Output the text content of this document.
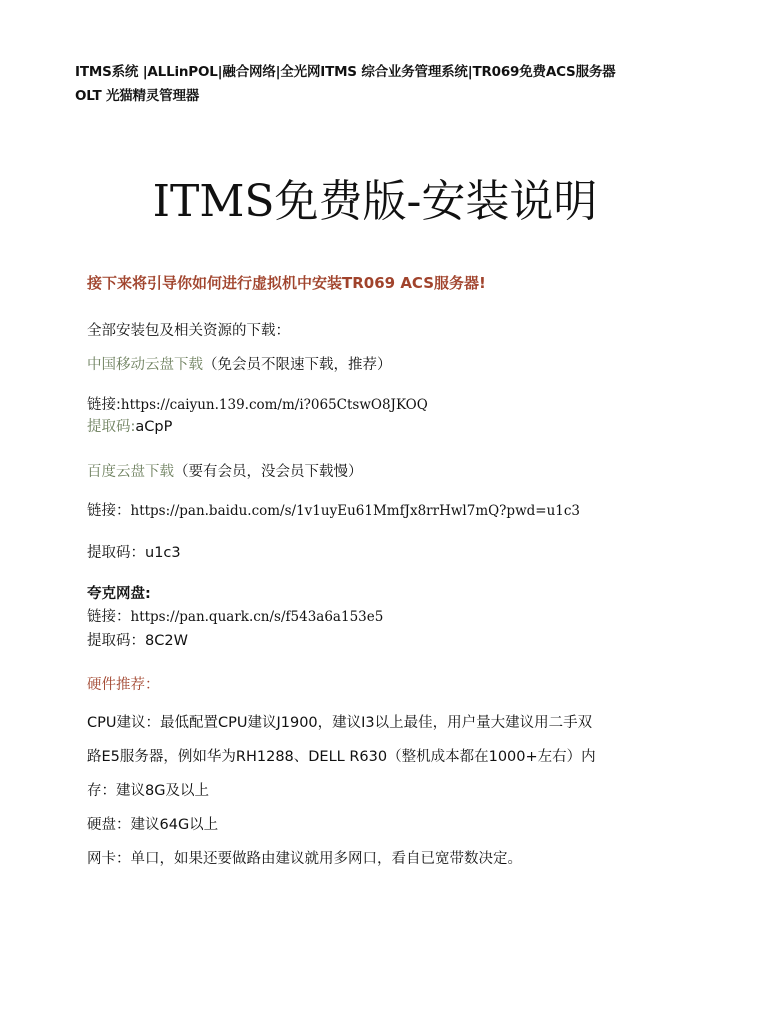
ITMS系统 |ALLinPOL|融合网络|全光网ITMS 综合业务管理系统|TR069免费ACS服务器
OLT 光猫精灵管理器
ITMS免费版-安装说明
接下来将引导你如何进行虚拟机中安装TR069 ACS服务器!
全部安装包及相关资源的下载：
中国移动云盘下载（免会员不限速下载，推荐）
链接:https://caiyun.139.com/m/i?065CtswO8JKOQ
提取码:aCpP
百度云盘下载（要有会员，没会员下载慢）
链接：https://pan.baidu.com/s/1v1uyEu61MmfJx8rrHwl7mQ?pwd=u1c3
提取码：u1c3
夸克网盘:
链接：https://pan.quark.cn/s/f543a6a153e5
提取码：8C2W
硬件推荐：
CPU建议：最低配置CPU建议J1900，建议I3以上最佳，用户量大建议用二手双
路E5服务器，例如华为RH1288、DELL R630（整机成本都在1000+左右）内
存：建议8G及以上
硬盘：建议64G以上
网卡：单口，如果还要做路由建议就用多网口，看自已宽带数决定。
